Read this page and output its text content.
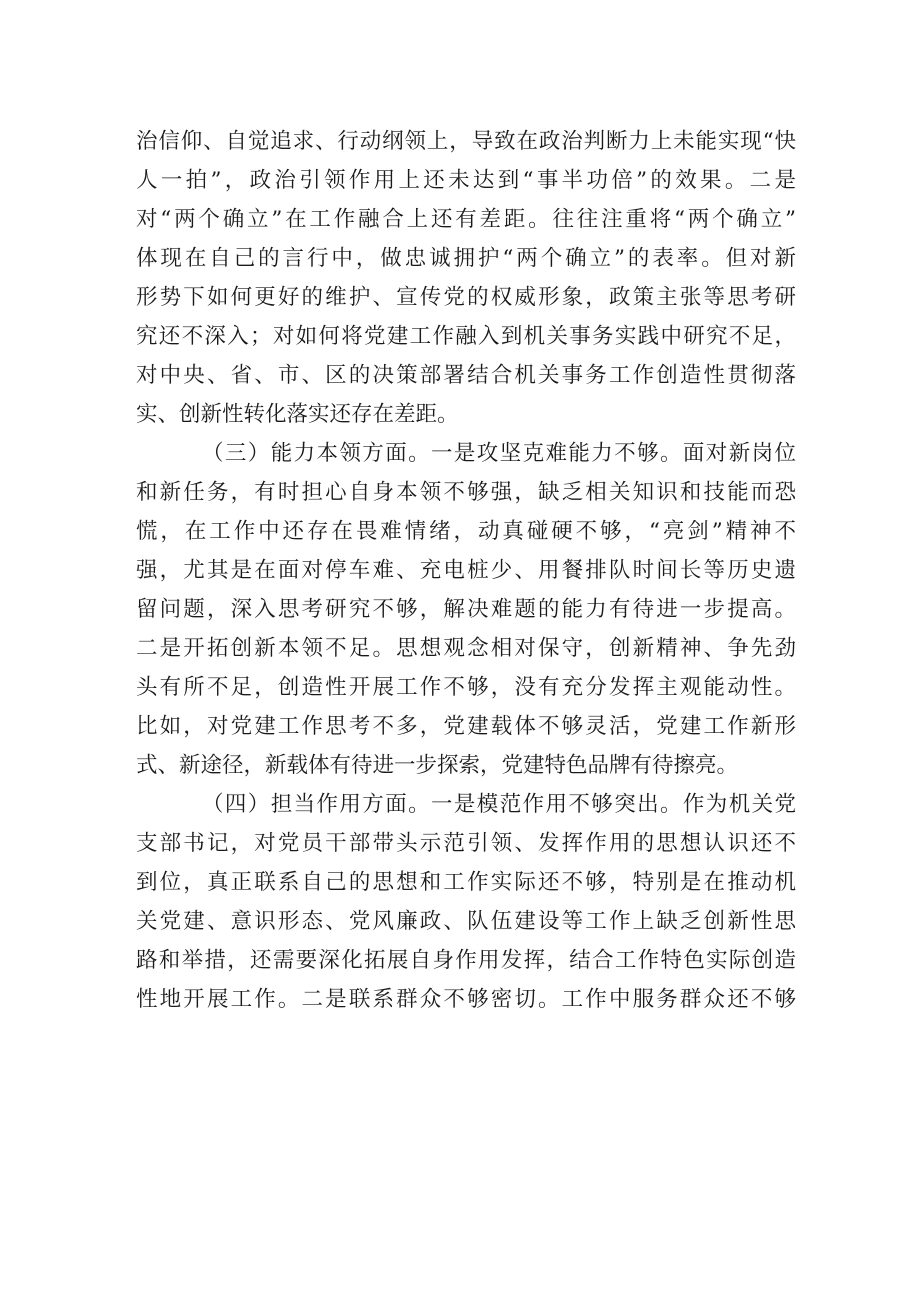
治信仰、自觉追求、行动纲领上，导致在政治判断力上未能实现“快
人一拍”，政治引领作用上还未达到“事半功倍”的效果。二是
对“两个确立”在工作融合上还有差距。往往注重将“两个确立”
体现在自己的言行中，做忠诚拥护“两个确立”的表率。但对新
形势下如何更好的维护、宣传党的权威形象，政策主张等思考研
究还不深入；对如何将党建工作融入到机关事务实践中研究不足，
对中央、省、市、区的决策部署结合机关事务工作创造性贯彻落
实、创新性转化落实还存在差距。
（三）能力本领方面。一是攻坚克难能力不够。面对新岗位
和新任务，有时担心自身本领不够强，缺乏相关知识和技能而恐
慌，在工作中还存在畏难情绪，动真碰硬不够，“亮剑”精神不
强，尤其是在面对停车难、充电桩少、用餐排队时间长等历史遗
留问题，深入思考研究不够，解决难题的能力有待进一步提高。
二是开拓创新本领不足。思想观念相对保守，创新精神、争先劲
头有所不足，创造性开展工作不够，没有充分发挥主观能动性。
比如，对党建工作思考不多，党建载体不够灵活，党建工作新形
式、新途径，新载体有待进一步探索，党建特色品牌有待擦亮。
（四）担当作用方面。一是模范作用不够突出。作为机关党
支部书记，对党员干部带头示范引领、发挥作用的思想认识还不
到位，真正联系自己的思想和工作实际还不够，特别是在推动机
关党建、意识形态、党风廉政、队伍建设等工作上缺乏创新性思
路和举措，还需要深化拓展自身作用发挥，结合工作特色实际创造
性地开展工作。二是联系群众不够密切。工作中服务群众还不够
